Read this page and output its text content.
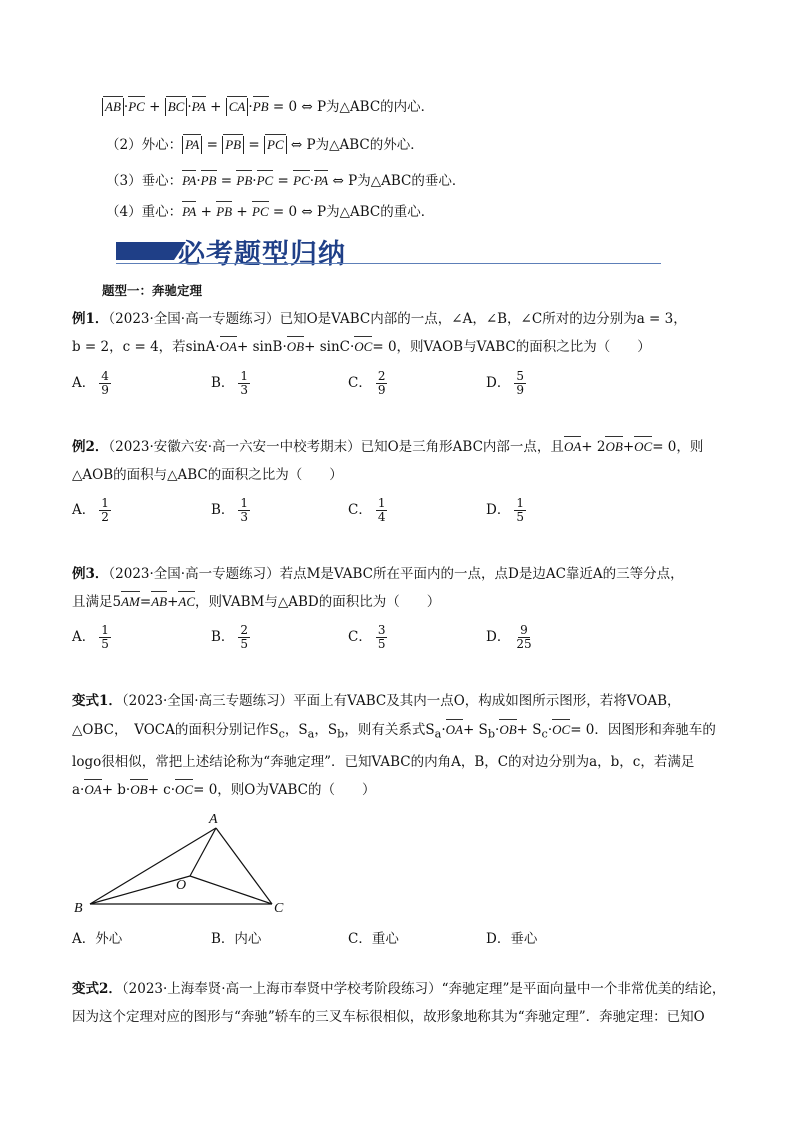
AB ·PC + BC ·PA + CA ·PB = 0 ⇔ P为△ABC的内心．
（2）外心： PA = PB = PC ⇔ P为△ABC的外心．
（3）垂心：PA·PB = PB·PC = PC·PA ⇔ P为△ABC的垂心．
（4）重心：PA + PB + PC = 0 ⇔ P为△ABC的重心．
必考题型归纳
题型一：奔驰定理
例1．（2023·全国·高一专题练习）已知O是VABC内部的一点，∠A，∠B，∠C所对的边分别为a = 3，
b = 2，c = 4，若sinA·OA+ sinB·OB+ sinC·OC= 0，则VAOB与VABC的面积之比为（　　）
A． $\frac{4}{9}$	B． $\frac{1}{3}$	C． $\frac{2}{9}$	D． $\frac{5}{9}$
例2．（2023·安徽六安·高一六安一中校考期末）已知O是三角形ABC内部一点，且OA+ 2OB+OC= 0，则
△AOB的面积与△ABC的面积之比为（　　）
A． $\frac{1}{2}$	B． $\frac{1}{3}$	C． $\frac{1}{4}$	D． $\frac{1}{5}$
例3．（2023·全国·高一专题练习）若点M是VABC所在平面内的一点，点D是边AC靠近A的三等分点，
且满足5AM=AB+AC，则VABM与△ABD的面积比为（　　）
A． $\frac{1}{5}$	B． $\frac{2}{5}$	C． $\frac{3}{5}$	D． $\frac{9}{25}$
变式1．（2023·全国·高三专题练习）平面上有VABC及其内一点O，构成如图所示图形，若将VOAB，
△OBC，　VOCA的面积分别记作$S_c$，$S_a$，$S_b$，则有关系式$S_a\cdot OA+ S_b\cdot OB+ S_c\cdot OC= 0$．因图形和奔驰车的
logo很相似，常把上述结论称为“奔驰定理”．已知VABC的内角A，B，C的对边分别为a，b，c，若满足
a·OA+ b·OB+ c·OC= 0，则O为VABC的（　　）
A
B	C
O
A．外心	B．内心	C．重心	D．垂心
变式2．（2023·上海奉贤·高一上海市奉贤中学校考阶段练习）“奔驰定理”是平面向量中一个非常优美的结论，
因为这个定理对应的图形与“奔驰”轿车的三叉车标很相似，故形象地称其为“奔驰定理”．奔驰定理：已知O
